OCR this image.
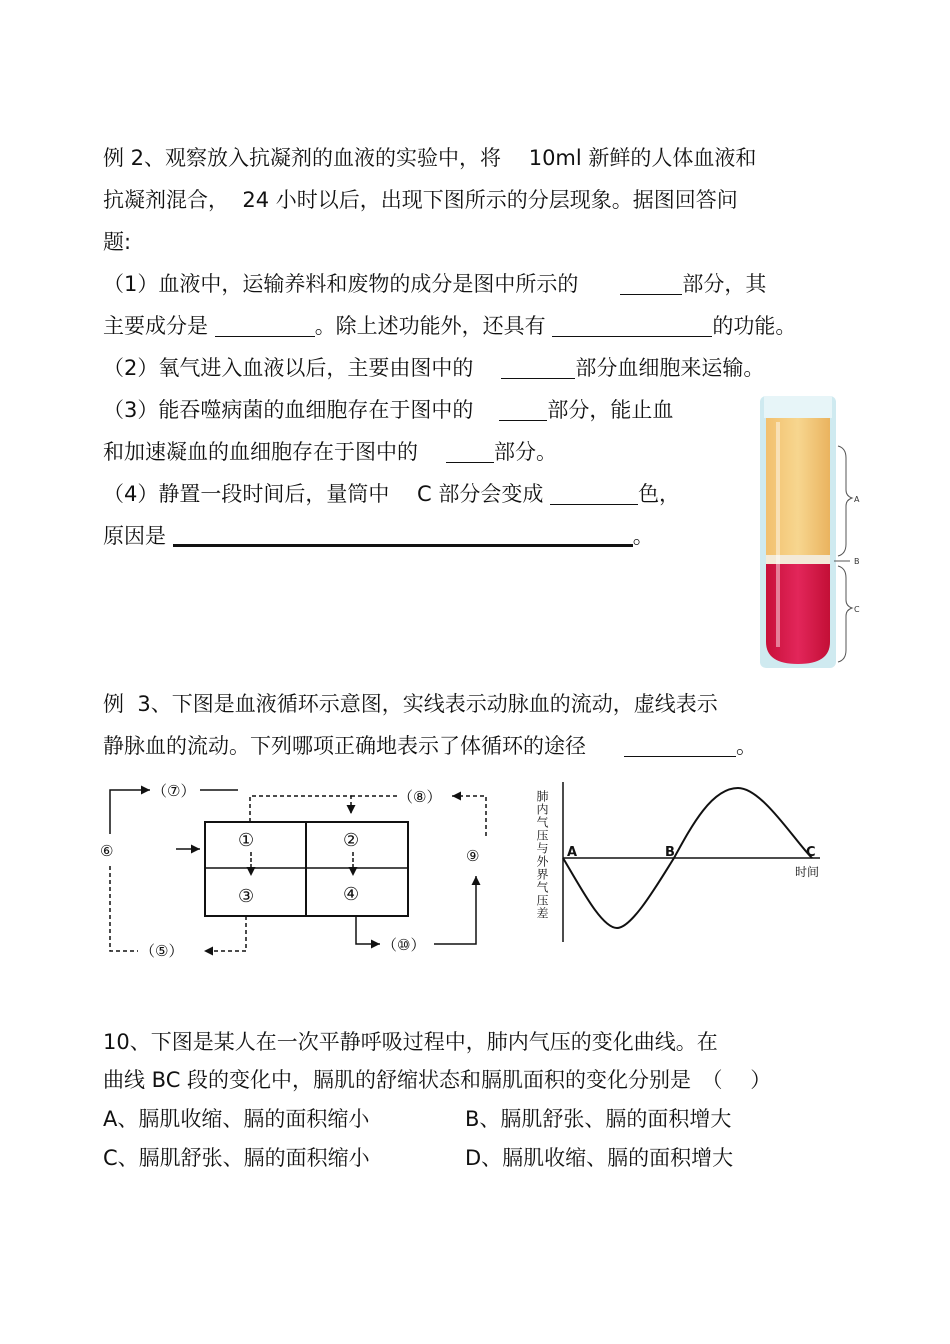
例 2、观察放入抗凝剂的血液的实验中，将　 10ml 新鲜的人体血液和
抗凝剂混合，  24 小时以后，出现下图所示的分层现象。据图回答问
题:
（1）血液中，运输养料和废物的成分是图中所示的	部分，其
主要成分是	。除上述功能外，还具有	的功能。
（2）氧气进入血液以后，主要由图中的	部分血细胞来运输。
（3）能吞噬病菌的血细胞存在于图中的	部分，能止血
和加速凝血的血细胞存在于图中的	部分。
（4）静置一段时间后，量筒中　 C 部分会变成	色，
原因是	。
A
B
C
例  3、下图是血液循环示意图，实线表示动脉血的流动，虚线表示
静脉血的流动。下列哪项正确地表示了体循环的途径	。
①	②
③	④
（⑦）
⑥
（⑤）
（⑧）
⑨
（⑩）
A	B	C
时间
肺内气压与外界气压差
10、下图是某人在一次平静呼吸过程中，肺内气压的变化曲线。在
曲线 BC 段的变化中，膈肌的舒缩状态和膈肌面积的变化分别是　（　 ）
A、膈肌收缩、膈的面积缩小	B、膈肌舒张、膈的面积增大
C、膈肌舒张、膈的面积缩小	D、膈肌收缩、膈的面积增大
